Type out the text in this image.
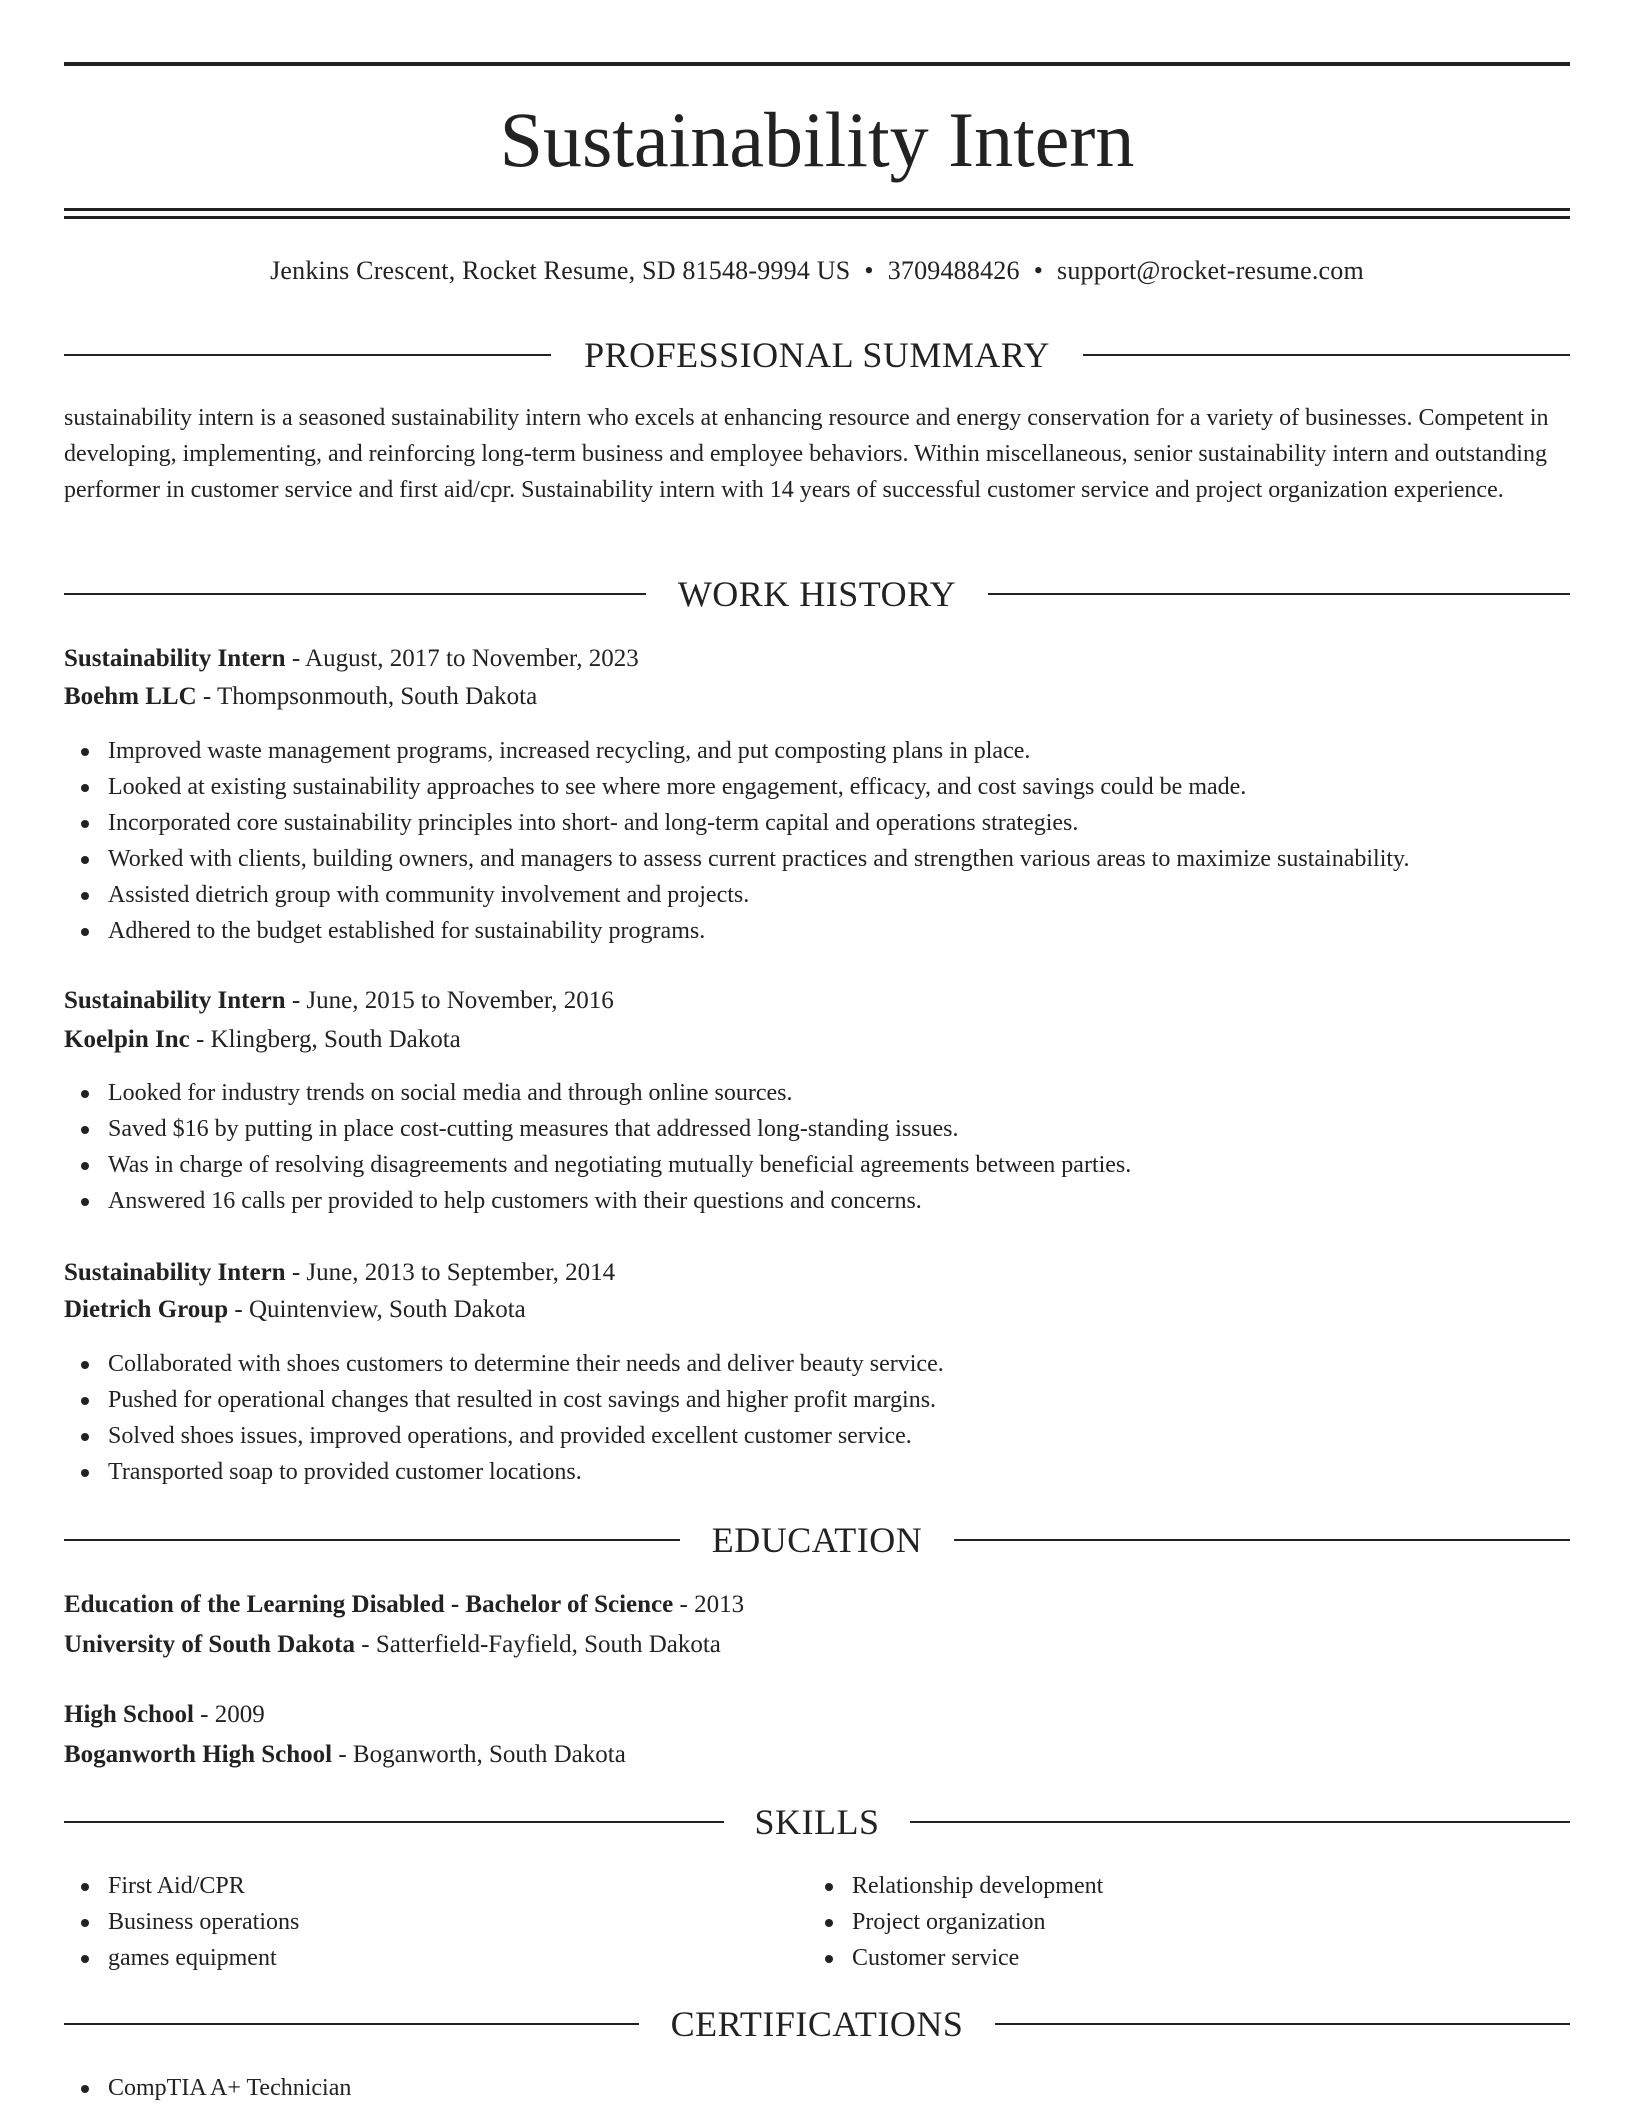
Sustainability Intern
Jenkins Crescent, Rocket Resume, SD 81548-9994 US • 3709488426 • support@rocket-resume.com
PROFESSIONAL SUMMARY
sustainability intern is a seasoned sustainability intern who excels at enhancing resource and energy conservation for a variety of businesses. Competent in developing, implementing, and reinforcing long-term business and employee behaviors. Within miscellaneous, senior sustainability intern and outstanding performer in customer service and first aid/cpr. Sustainability intern with 14 years of successful customer service and project organization experience.
WORK HISTORY
Sustainability Intern - August, 2017 to November, 2023
Boehm LLC - Thompsonmouth, South Dakota
Improved waste management programs, increased recycling, and put composting plans in place.
Looked at existing sustainability approaches to see where more engagement, efficacy, and cost savings could be made.
Incorporated core sustainability principles into short- and long-term capital and operations strategies.
Worked with clients, building owners, and managers to assess current practices and strengthen various areas to maximize sustainability.
Assisted dietrich group with community involvement and projects.
Adhered to the budget established for sustainability programs.
Sustainability Intern - June, 2015 to November, 2016
Koelpin Inc - Klingberg, South Dakota
Looked for industry trends on social media and through online sources.
Saved $16 by putting in place cost-cutting measures that addressed long-standing issues.
Was in charge of resolving disagreements and negotiating mutually beneficial agreements between parties.
Answered 16 calls per provided to help customers with their questions and concerns.
Sustainability Intern - June, 2013 to September, 2014
Dietrich Group - Quintenview, South Dakota
Collaborated with shoes customers to determine their needs and deliver beauty service.
Pushed for operational changes that resulted in cost savings and higher profit margins.
Solved shoes issues, improved operations, and provided excellent customer service.
Transported soap to provided customer locations.
EDUCATION
Education of the Learning Disabled - Bachelor of Science - 2013
University of South Dakota - Satterfield-Fayfield, South Dakota
High School - 2009
Boganworth High School - Boganworth, South Dakota
SKILLS
First Aid/CPR
Business operations
games equipment
Relationship development
Project organization
Customer service
CERTIFICATIONS
CompTIA A+ Technician
